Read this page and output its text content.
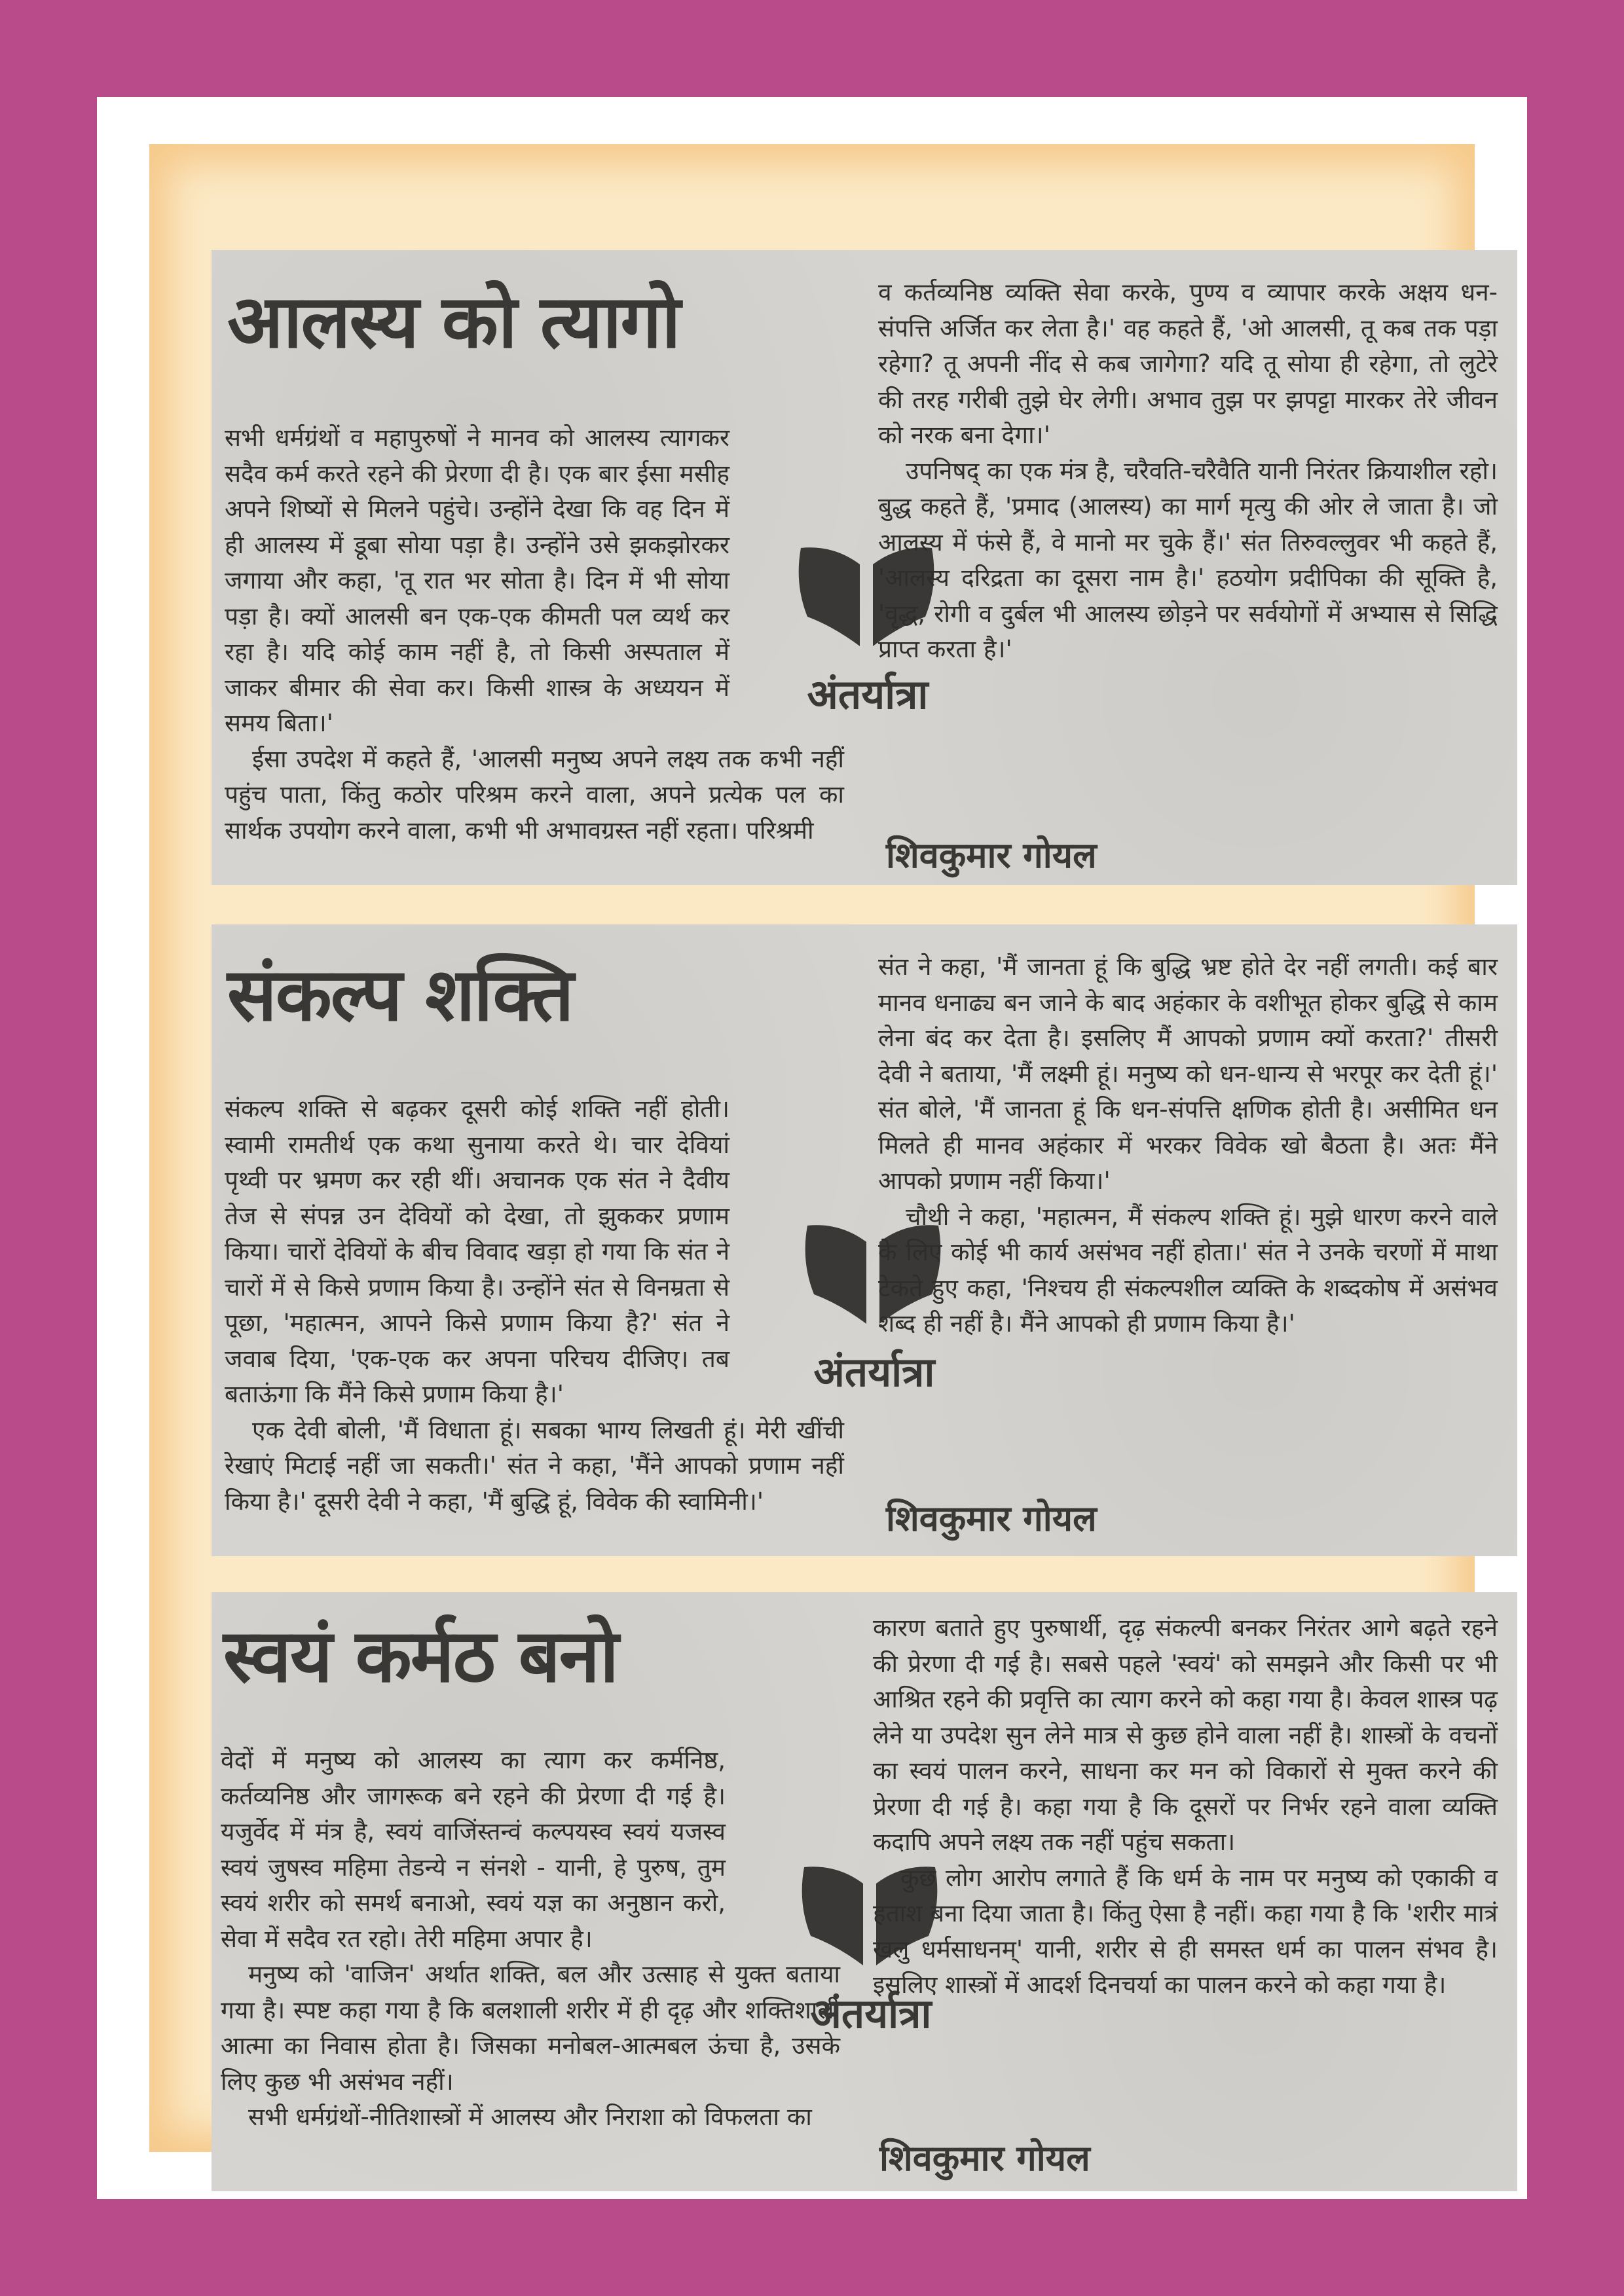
आलस्य को त्यागो

सभी धर्मग्रंथों व महापुरुषों ने मानव को आलस्य त्यागकर सदैव कर्म करते रहने की प्रेरणा दी है। एक बार ईसा मसीह अपने शिष्यों से मिलने पहुंचे। उन्होंने देखा कि वह दिन में ही आलस्य में डूबा सोया पड़ा है। उन्होंने उसे झकझोरकर जगाया और कहा, 'तू रात भर सोता है। दिन में भी सोया पड़ा है। क्यों आलसी बन एक-एक कीमती पल व्यर्थ कर रहा है। यदि कोई काम नहीं है, तो किसी अस्पताल में जाकर बीमार की सेवा कर। किसी शास्त्र के अध्ययन में समय बिता।'

ईसा उपदेश में कहते हैं, 'आलसी मनुष्य अपने लक्ष्य तक कभी नहीं पहुंच पाता, किंतु कठोर परिश्रम करने वाला, अपने प्रत्येक पल का सार्थक उपयोग करने वाला, कभी भी अभावग्रस्त नहीं रहता। परिश्रमी

अंतर्यात्रा

व कर्तव्यनिष्ठ व्यक्ति सेवा करके, पुण्य व व्यापार करके अक्षय धन-संपत्ति अर्जित कर लेता है।' वह कहते हैं, 'ओ आलसी, तू कब तक पड़ा रहेगा? तू अपनी नींद से कब जागेगा? यदि तू सोया ही रहेगा, तो लुटेरे की तरह गरीबी तुझे घेर लेगी। अभाव तुझ पर झपट्टा मारकर तेरे जीवन को नरक बना देगा।'

उपनिषद् का एक मंत्र है, चरैवति-चरैवैति यानी निरंतर क्रियाशील रहो। बुद्ध कहते हैं, 'प्रमाद (आलस्य) का मार्ग मृत्यु की ओर ले जाता है। जो आलस्य में फंसे हैं, वे मानो मर चुके हैं।' संत तिरुवल्लुवर भी कहते हैं, 'आलस्य दरिद्रता का दूसरा नाम है।' हठयोग प्रदीपिका की सूक्ति है, 'वृद्ध, रोगी व दुर्बल भी आलस्य छोड़ने पर सर्वयोगों में अभ्यास से सिद्धि प्राप्त करता है।'

शिवकुमार गोयल
संकल्प शक्ति

संकल्प शक्ति से बढ़कर दूसरी कोई शक्ति नहीं होती। स्वामी रामतीर्थ एक कथा सुनाया करते थे। चार देवियां पृथ्वी पर भ्रमण कर रही थीं। अचानक एक संत ने दैवीय तेज से संपन्न उन देवियों को देखा, तो झुककर प्रणाम किया। चारों देवियों के बीच विवाद खड़ा हो गया कि संत ने चारों में से किसे प्रणाम किया है। उन्होंने संत से विनम्रता से पूछा, 'महात्मन, आपने किसे प्रणाम किया है?' संत ने जवाब दिया, 'एक-एक कर अपना परिचय दीजिए। तब बताऊंगा कि मैंने किसे प्रणाम किया है।'

एक देवी बोली, 'मैं विधाता हूं। सबका भाग्य लिखती हूं। मेरी खींची रेखाएं मिटाई नहीं जा सकती।' संत ने कहा, 'मैंने आपको प्रणाम नहीं किया है।' दूसरी देवी ने कहा, 'मैं बुद्धि हूं, विवेक की स्वामिनी।'

अंतर्यात्रा

संत ने कहा, 'मैं जानता हूं कि बुद्धि भ्रष्ट होते देर नहीं लगती। कई बार मानव धनाढ्य बन जाने के बाद अहंकार के वशीभूत होकर बुद्धि से काम लेना बंद कर देता है। इसलिए मैं आपको प्रणाम क्यों करता?' तीसरी देवी ने बताया, 'मैं लक्ष्मी हूं। मनुष्य को धन-धान्य से भरपूर कर देती हूं।' संत बोले, 'मैं जानता हूं कि धन-संपत्ति क्षणिक होती है। असीमित धन मिलते ही मानव अहंकार में भरकर विवेक खो बैठता है। अतः मैंने आपको प्रणाम नहीं किया।'

चौथी ने कहा, 'महात्मन, मैं संकल्प शक्ति हूं। मुझे धारण करने वाले के लिए कोई भी कार्य असंभव नहीं होता।' संत ने उनके चरणों में माथा टेकते हुए कहा, 'निश्चय ही संकल्पशील व्यक्ति के शब्दकोष में असंभव शब्द ही नहीं है। मैंने आपको ही प्रणाम किया है।'

शिवकुमार गोयल
स्वयं कर्मठ बनो

वेदों में मनुष्य को आलस्य का त्याग कर कर्मनिष्ठ, कर्तव्यनिष्ठ और जागरूक बने रहने की प्रेरणा दी गई है। यजुर्वेद में मंत्र है, स्वयं वाजिंस्तन्वं कल्पयस्व स्वयं यजस्व स्वयं जुषस्व महिमा तेडन्ये न संनशे - यानी, हे पुरुष, तुम स्वयं शरीर को समर्थ बनाओ, स्वयं यज्ञ का अनुष्ठान करो, सेवा में सदैव रत रहो। तेरी महिमा अपार है।

मनुष्य को 'वाजिन' अर्थात शक्ति, बल और उत्साह से युक्त बताया गया है। स्पष्ट कहा गया है कि बलशाली शरीर में ही दृढ़ और शक्तिशाली आत्मा का निवास होता है। जिसका मनोबल-आत्मबल ऊंचा है, उसके लिए कुछ भी असंभव नहीं।

सभी धर्मग्रंथों-नीतिशास्त्रों में आलस्य और निराशा को विफलता का

अंतर्यात्रा

कारण बताते हुए पुरुषार्थी, दृढ़ संकल्पी बनकर निरंतर आगे बढ़ते रहने की प्रेरणा दी गई है। सबसे पहले 'स्वयं' को समझने और किसी पर भी आश्रित रहने की प्रवृत्ति का त्याग करने को कहा गया है। केवल शास्त्र पढ़ लेने या उपदेश सुन लेने मात्र से कुछ होने वाला नहीं है। शास्त्रों के वचनों का स्वयं पालन करने, साधना कर मन को विकारों से मुक्त करने की प्रेरणा दी गई है। कहा गया है कि दूसरों पर निर्भर रहने वाला व्यक्ति कदापि अपने लक्ष्य तक नहीं पहुंच सकता।

कुछ लोग आरोप लगाते हैं कि धर्म के नाम पर मनुष्य को एकाकी व हताश बना दिया जाता है। किंतु ऐसा है नहीं। कहा गया है कि 'शरीर मात्रं खलु धर्मसाधनम्' यानी, शरीर से ही समस्त धर्म का पालन संभव है। इसलिए शास्त्रों में आदर्श दिनचर्या का पालन करने को कहा गया है।

शिवकुमार गोयल
